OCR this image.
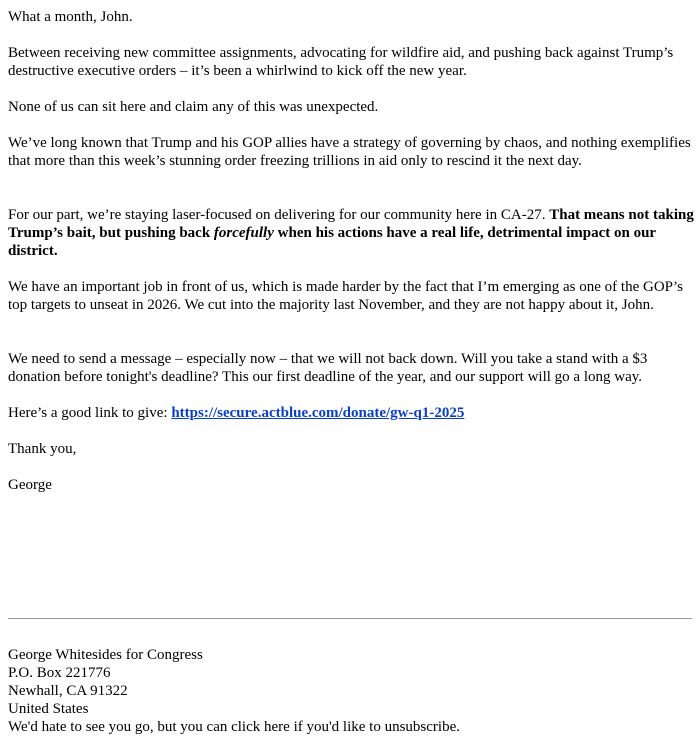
What a month, John.

Between receiving new committee assignments, advocating for wildfire aid, and pushing back against Trump’s destructive executive orders – it’s been a whirlwind to kick off the new year.

None of us can sit here and claim any of this was unexpected.

We’ve long known that Trump and his GOP allies have a strategy of governing by chaos, and nothing exemplifies that more than this week’s stunning order freezing trillions in aid only to rescind it the next day.

For our part, we’re staying laser-focused on delivering for our community here in CA-27. That means not taking Trump’s bait, but pushing back forcefully when his actions have a real life, detrimental impact on our district.

We have an important job in front of us, which is made harder by the fact that I’m emerging as one of the GOP’s top targets to unseat in 2026. We cut into the majority last November, and they are not happy about it, John.

We need to send a message – especially now – that we will not back down. Will you take a stand with a $3 donation before tonight's deadline? This our first deadline of the year, and our support will go a long way.

Here’s a good link to give: https://secure.actblue.com/donate/gw-q1-2025

Thank you,

George

George Whitesides for Congress
P.O. Box 221776
Newhall, CA 91322
United States
We'd hate to see you go, but you can click here if you'd like to unsubscribe.
